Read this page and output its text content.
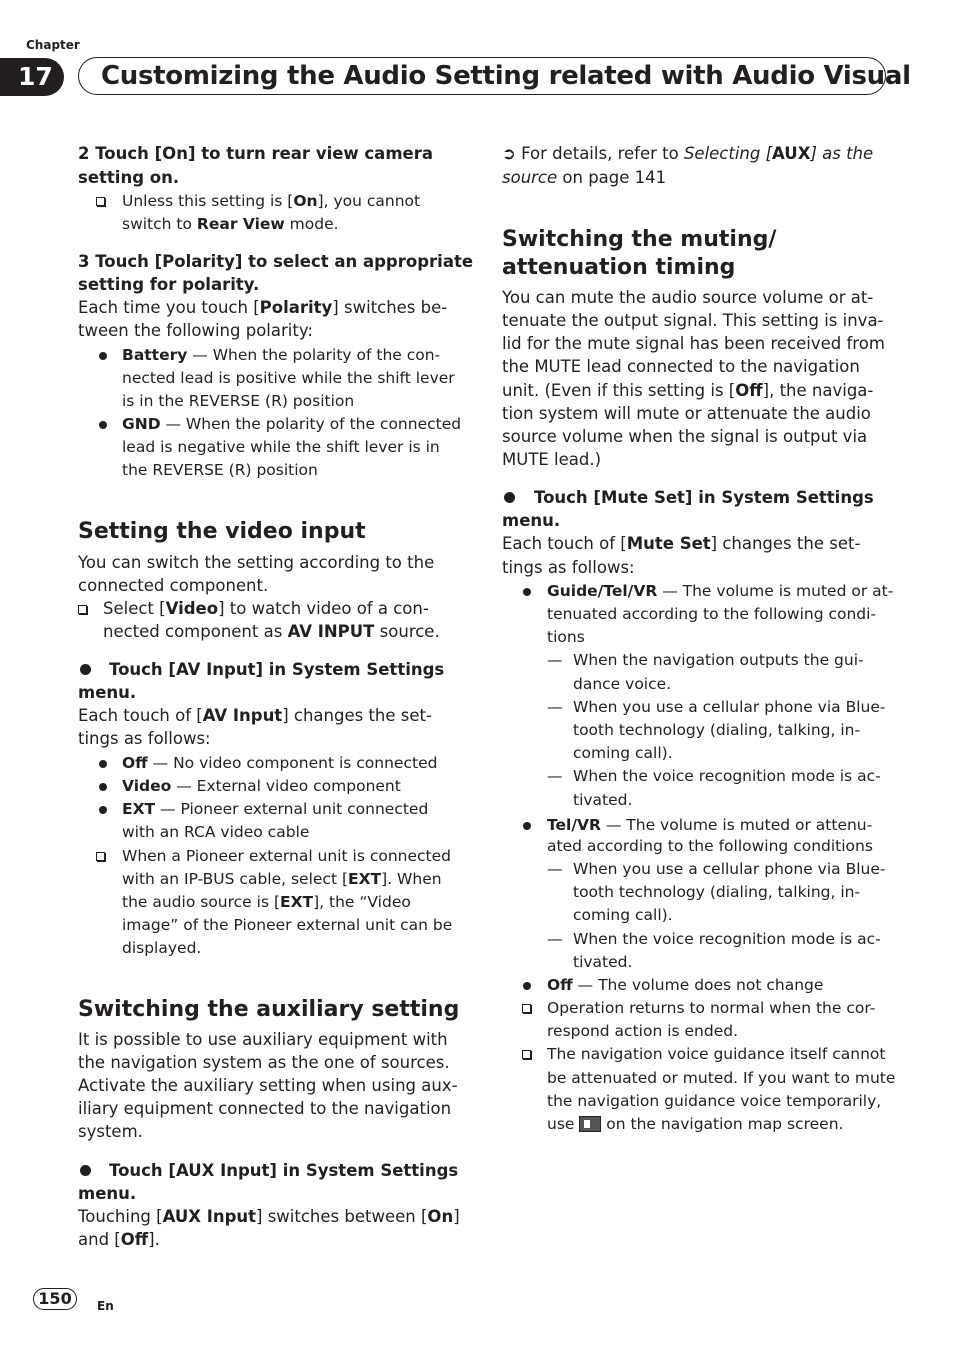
Chapter
17	Customizing the Audio Setting related with Audio Visual
2 Touch [On] to turn rear view camera
setting on.
Unless this setting is [On], you cannot
switch to Rear View mode.
3 Touch [Polarity] to select an appropriate
setting for polarity.
Each time you touch [Polarity] switches be-
tween the following polarity:
Battery — When the polarity of the con-
nected lead is positive while the shift lever
is in the REVERSE (R) position
GND — When the polarity of the connected
lead is negative while the shift lever is in
the REVERSE (R) position
Setting the video input
You can switch the setting according to the
connected component.
Select [Video] to watch video of a con-
nected component as AV INPUT source.
Touch [AV Input] in System Settings
menu.
Each touch of [AV Input] changes the set-
tings as follows:
Off — No video component is connected
Video — External video component
EXT — Pioneer external unit connected
with an RCA video cable
When a Pioneer external unit is connected
with an IP-BUS cable, select [EXT]. When
the audio source is [EXT], the “Video
image” of the Pioneer external unit can be
displayed.
Switching the auxiliary setting
It is possible to use auxiliary equipment with
the navigation system as the one of sources.
Activate the auxiliary setting when using aux-
iliary equipment connected to the navigation
system.
Touch [AUX Input] in System Settings
menu.
Touching [AUX Input] switches between [On]
and [Off].
➲ For details, refer to Selecting [AUX] as the
source on page 141
Switching the muting/
attenuation timing
You can mute the audio source volume or at-
tenuate the output signal. This setting is inva-
lid for the mute signal has been received from
the MUTE lead connected to the navigation
unit. (Even if this setting is [Off], the naviga-
tion system will mute or attenuate the audio
source volume when the signal is output via
MUTE lead.)
Touch [Mute Set] in System Settings
menu.
Each touch of [Mute Set] changes the set-
tings as follows:
Guide/Tel/VR — The volume is muted or at-
tenuated according to the following condi-
tions
— When the navigation outputs the gui-
dance voice.
— When you use a cellular phone via Blue-
tooth technology (dialing, talking, in-
coming call).
— When the voice recognition mode is ac-
tivated.
Tel/VR — The volume is muted or attenu-
ated according to the following conditions
— When you use a cellular phone via Blue-
tooth technology (dialing, talking, in-
coming call).
— When the voice recognition mode is ac-
tivated.
Off — The volume does not change
Operation returns to normal when the cor-
respond action is ended.
The navigation voice guidance itself cannot
be attenuated or muted. If you want to mute
the navigation guidance voice temporarily,
use  on the navigation map screen.
150	En
